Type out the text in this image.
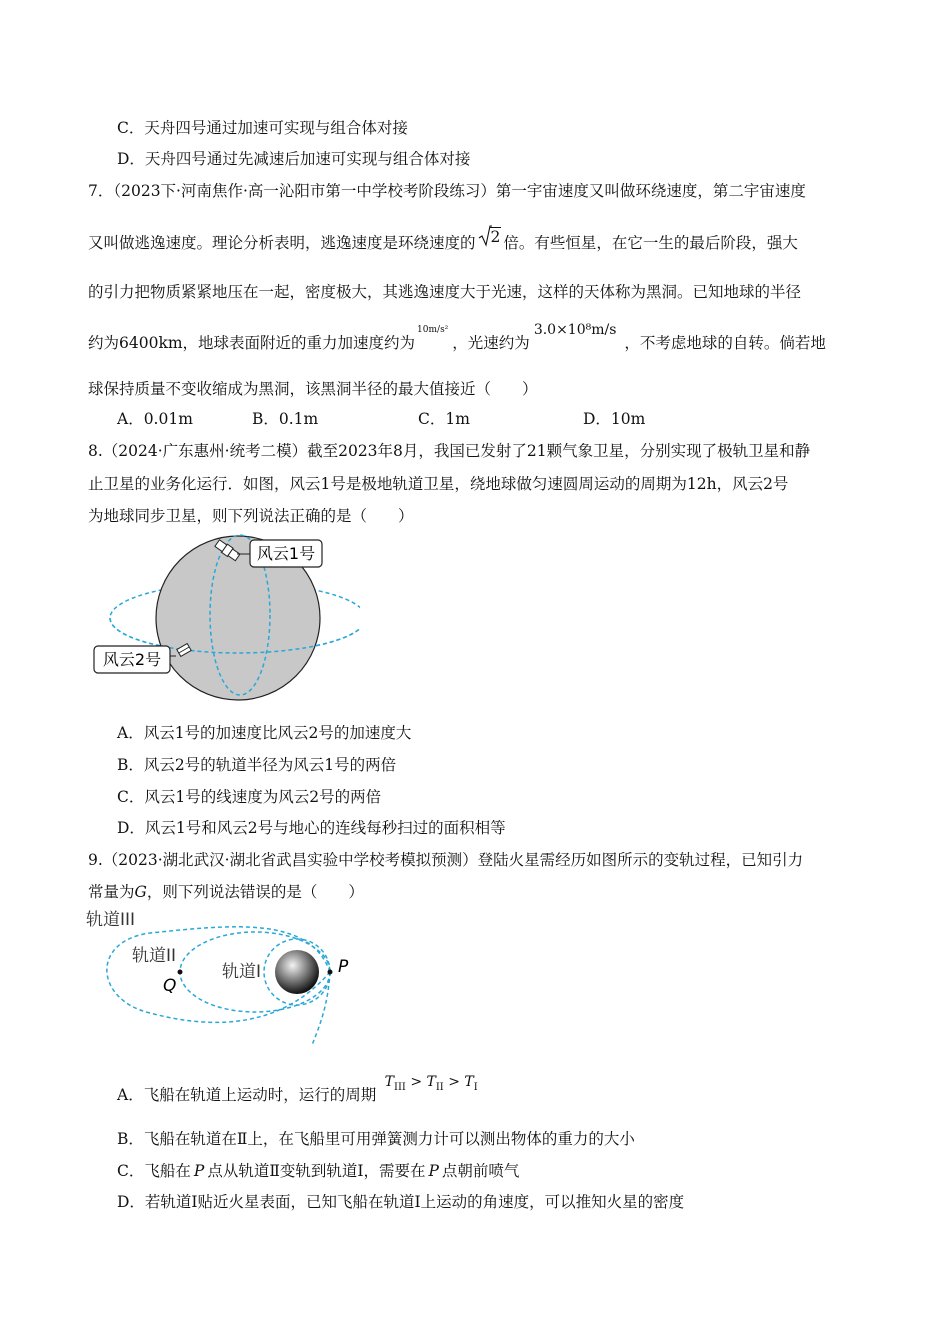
C．天舟四号通过加速可实现与组合体对接
D．天舟四号通过先减速后加速可实现与组合体对接
7．（2023下·河南焦作·高一沁阳市第一中学校考阶段练习）第一宇宙速度又叫做环绕速度，第二宇宙速度
又叫做逃逸速度。理论分析表明，逃逸速度是环绕速度的 2 倍。有些恒星，在它一生的最后阶段，强大
的引力把物质紧紧地压在一起，密度极大，其逃逸速度大于光速，这样的天体称为黑洞。已知地球的半径
约为6400km，地球表面附近的重力加速度约为$^{10m/s^2}$，光速约为3.0×10⁸m/s，不考虑地球的自转。倘若地
球保持质量不变收缩成为黑洞，该黑洞半径的最大值接近（　　）
A．0.01m	B．0.1m	C．1m	D．10m
8.（2024·广东惠州·统考二模）截至2023年8月，我国已发射了21颗气象卫星，分别实现了极轨卫星和静
止卫星的业务化运行．如图，风云1号是极地轨道卫星，绕地球做匀速圆周运动的周期为12h，风云2号
为地球同步卫星，则下列说法正确的是（　　）
风云1号
风云2号
A．风云1号的加速度比风云2号的加速度大
B．风云2号的轨道半径为风云1号的两倍
C．风云1号的线速度为风云2号的两倍
D．风云1号和风云2号与地心的连线每秒扫过的面积相等
9.（2023·湖北武汉·湖北省武昌实验中学校考模拟预测）登陆火星需经历如图所示的变轨过程，已知引力
常量为G，则下列说法错误的是（　　）
轨道III
轨道II
轨道I
Q
P
A．飞船在轨道上运动时，运行的周期 $T_{III} > T_{II} > T_I$
B．飞船在轨道在Ⅱ上，在飞船里可用弹簧测力计可以测出物体的重力的大小
C．飞船在 P 点从轨道Ⅱ变轨到轨道Ⅰ，需要在 P 点朝前喷气
D．若轨道Ⅰ贴近火星表面，已知飞船在轨道Ⅰ上运动的角速度，可以推知火星的密度
